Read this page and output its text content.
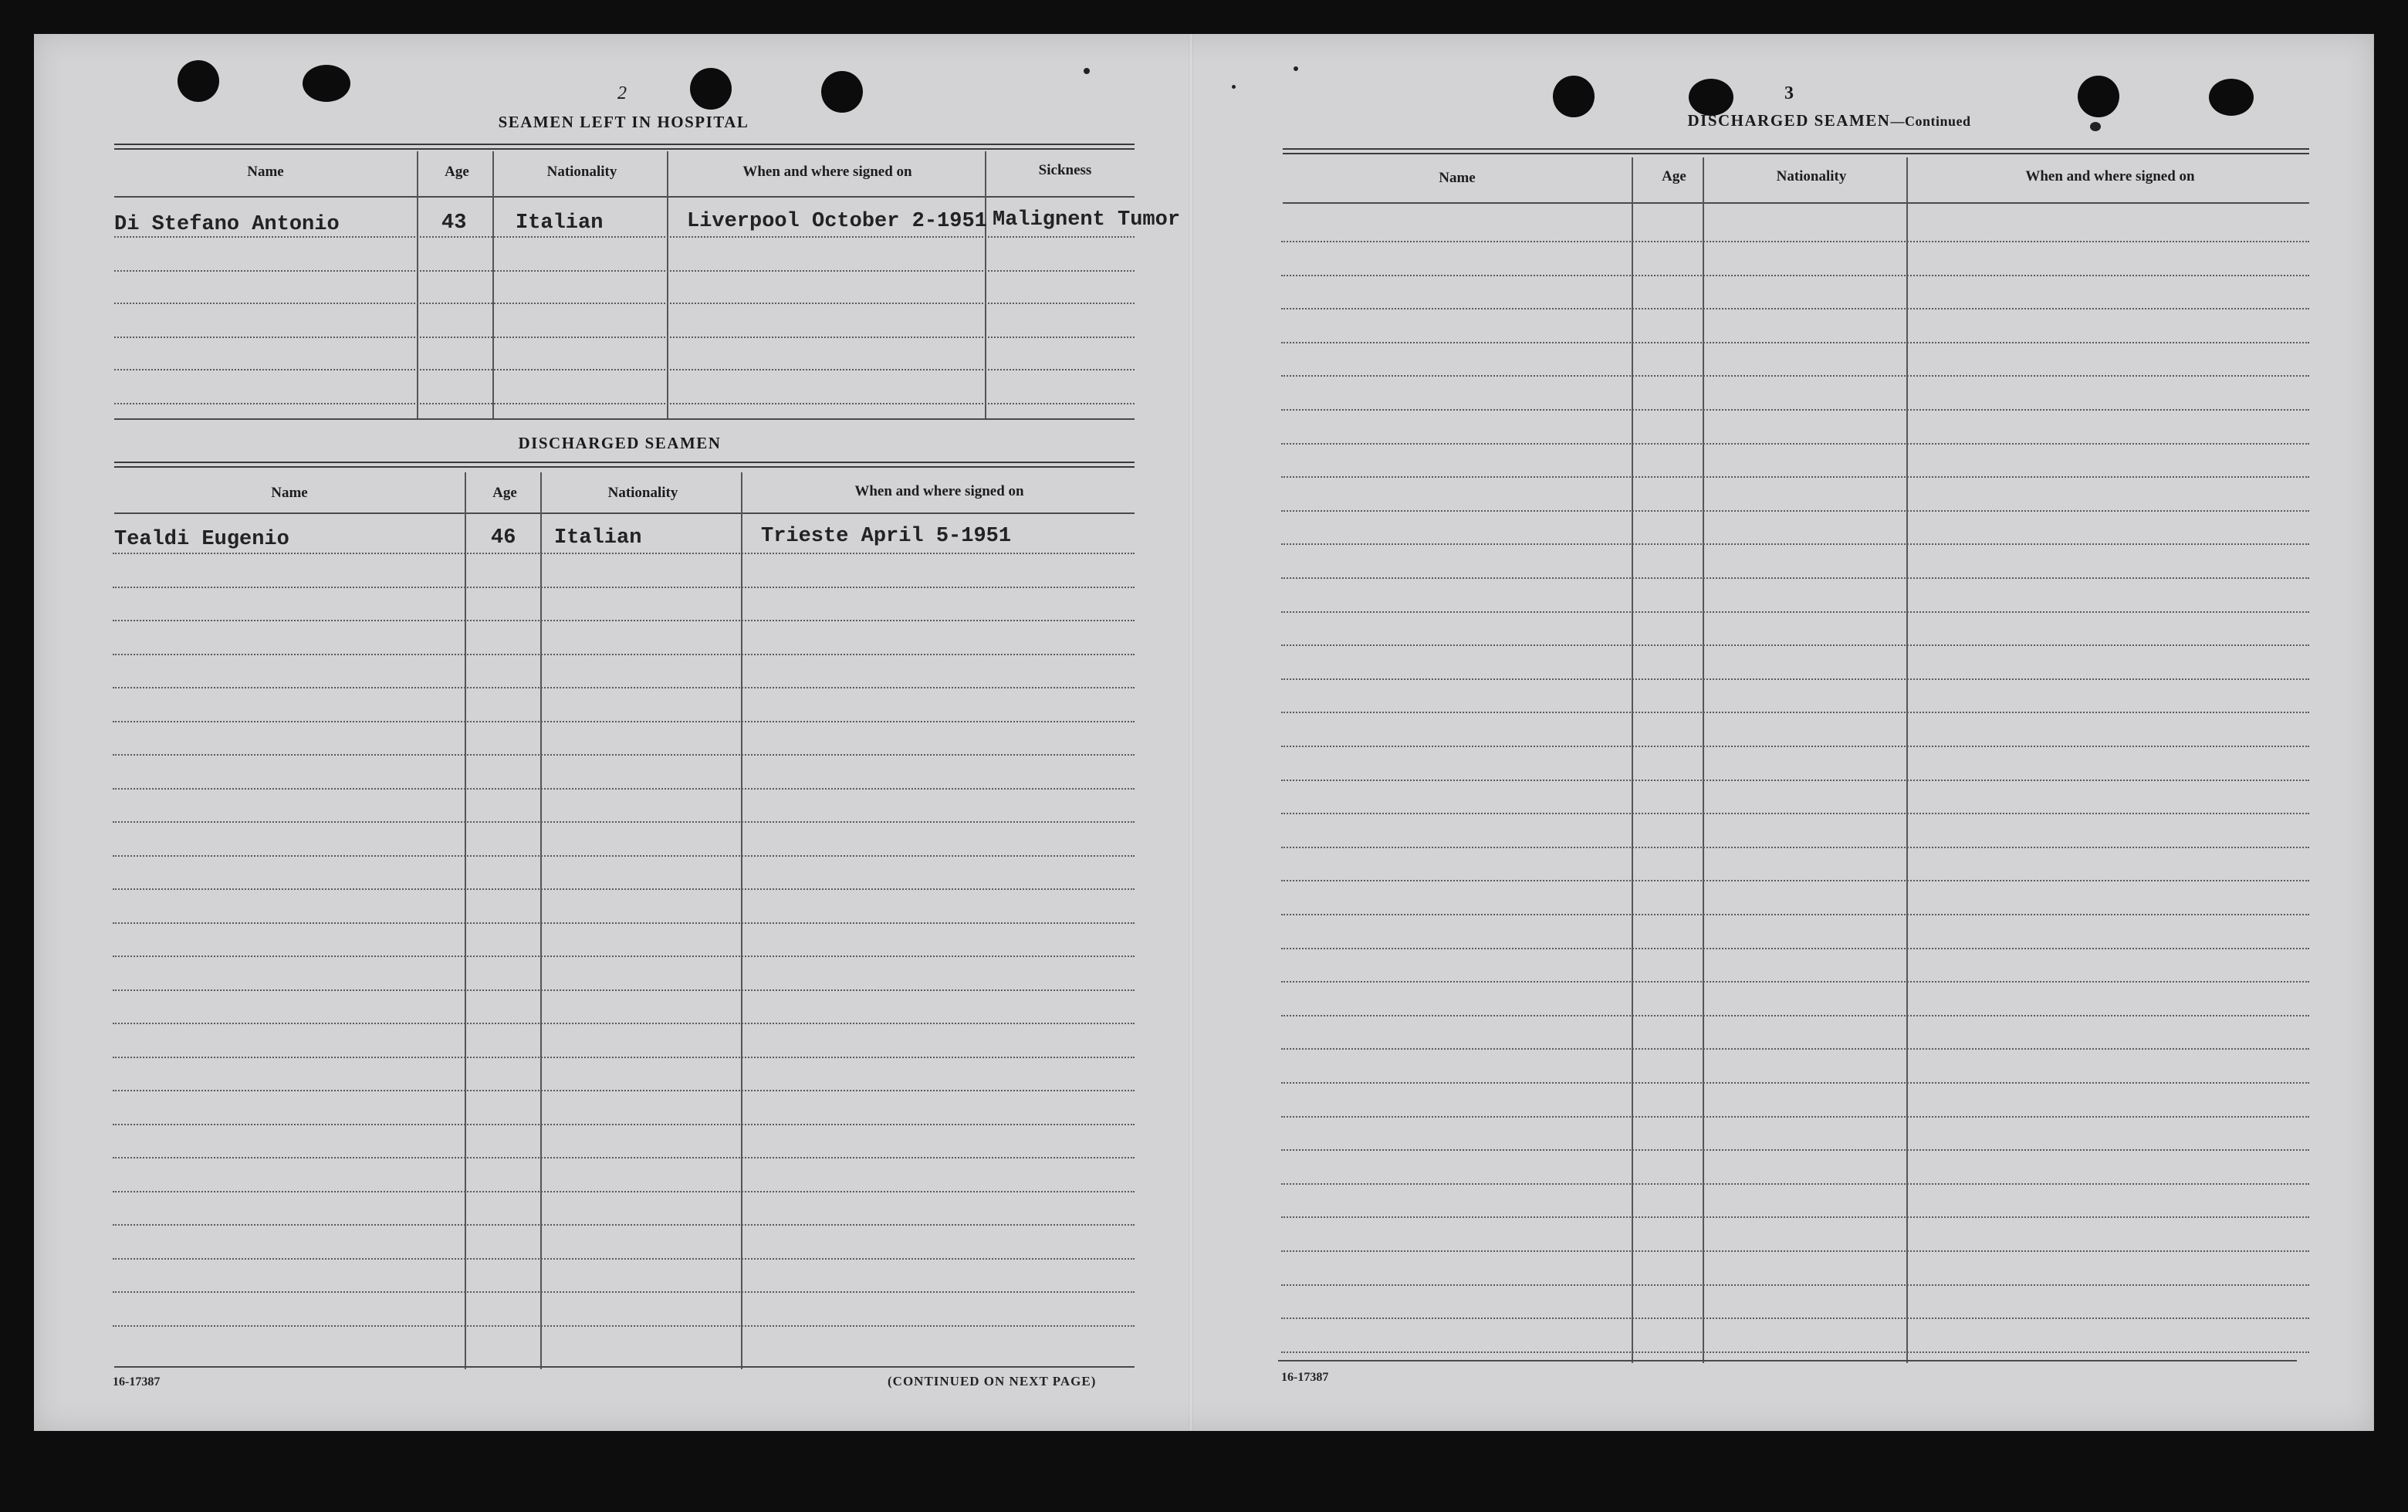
2
SEAMEN LEFT IN HOSPITAL
Name	Age	Nationality	When and where signed on	Sickness
Di Stefano Antonio	43 Italian	Liverpool October 2-1951 Malignent Tumor
DISCHARGED SEAMEN
Name	Age	Nationality	When and where signed on
Tealdi Eugenio	46 Italian	Trieste April 5-1951
16-17387	(CONTINUED ON NEXT PAGE)
3
DISCHARGED SEAMEN—Continued
Name	Age	Nationality	When and where signed on
16-17387
